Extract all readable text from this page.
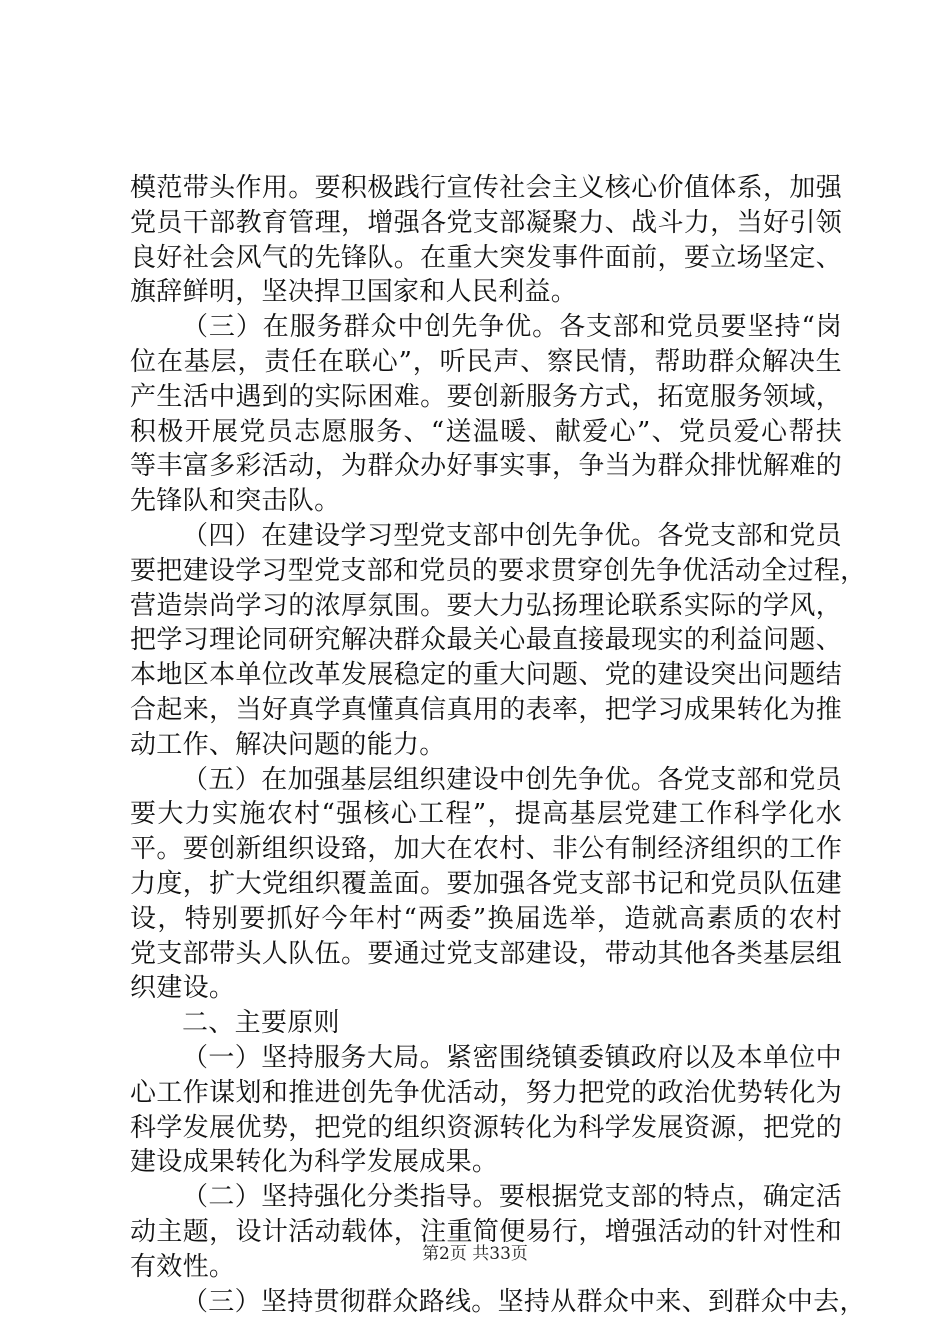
模范带头作用。要积极践行宣传社会主义核心价值体系，加强
党员干部教育管理，增强各党支部凝聚力、战斗力，当好引领
良好社会风气的先锋队。在重大突发事件面前，要立场坚定、
旗辞鲜明，坚决捍卫国家和人民利益。
（三）在服务群众中创先争优。各支部和党员要坚持“岗
位在基层，责任在联心”，听民声、察民情，帮助群众解决生
产生活中遇到的实际困难。要创新服务方式，拓宽服务领域，
积极开展党员志愿服务、“送温暖、献爱心”、党员爱心帮扶
等丰富多彩活动，为群众办好事实事，争当为群众排忧解难的
先锋队和突击队。
（四）在建设学习型党支部中创先争优。各党支部和党员
要把建设学习型党支部和党员的要求贯穿创先争优活动全过程，
营造崇尚学习的浓厚氛围。要大力弘扬理论联系实际的学风，
把学习理论同研究解决群众最关心最直接最现实的利益问题、
本地区本单位改革发展稳定的重大问题、党的建设突出问题结
合起来，当好真学真懂真信真用的表率，把学习成果转化为推
动工作、解决问题的能力。
（五）在加强基层组织建设中创先争优。各党支部和党员
要大力实施农村“强核心工程”，提高基层党建工作科学化水
平。要创新组织设臵，加大在农村、非公有制经济组织的工作
力度，扩大党组织覆盖面。要加强各党支部书记和党员队伍建
设，特别要抓好今年村“两委”换届选举，造就高素质的农村
党支部带头人队伍。要通过党支部建设，带动其他各类基层组
织建设。
二、主要原则
（一）坚持服务大局。紧密围绕镇委镇政府以及本单位中
心工作谋划和推进创先争优活动，努力把党的政治优势转化为
科学发展优势，把党的组织资源转化为科学发展资源，把党的
建设成果转化为科学发展成果。
（二）坚持强化分类指导。要根据党支部的特点，确定活
动主题，设计活动载体，注重简便易行，增强活动的针对性和
有效性。
（三）坚持贯彻群众路线。坚持从群众中来、到群众中去，
第2页 共33页
